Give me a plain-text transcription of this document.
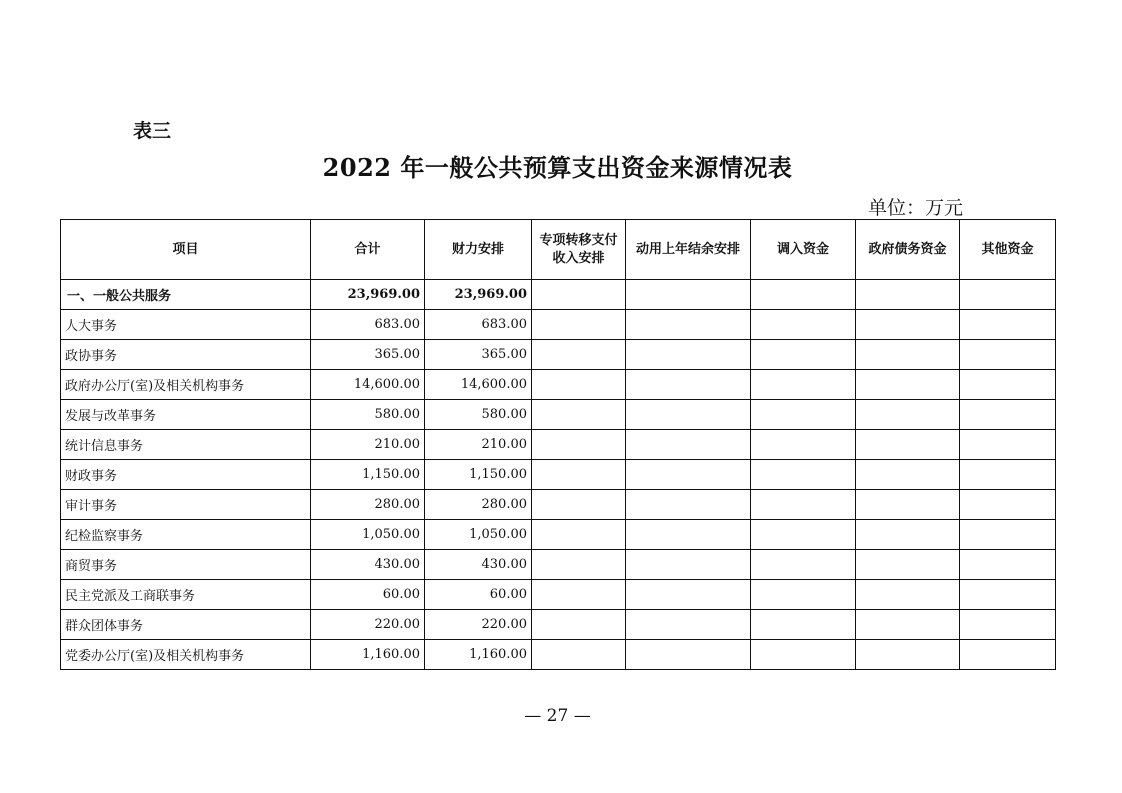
表三
2022 年一般公共预算支出资金来源情况表
单位：万元
项目	合计	财力安排	专项转移支付收入安排	动用上年结余安排	调入资金	政府债务资金	其他资金
一、一般公共服务	23,969.00	23,969.00					
人大事务	683.00	683.00					
政协事务	365.00	365.00					
政府办公厅(室)及相关机构事务	14,600.00	14,600.00					
发展与改革事务	580.00	580.00					
统计信息事务	210.00	210.00					
财政事务	1,150.00	1,150.00					
审计事务	280.00	280.00					
纪检监察事务	1,050.00	1,050.00					
商贸事务	430.00	430.00					
民主党派及工商联事务	60.00	60.00					
群众团体事务	220.00	220.00					
党委办公厅(室)及相关机构事务	1,160.00	1,160.00					
— 27 —
